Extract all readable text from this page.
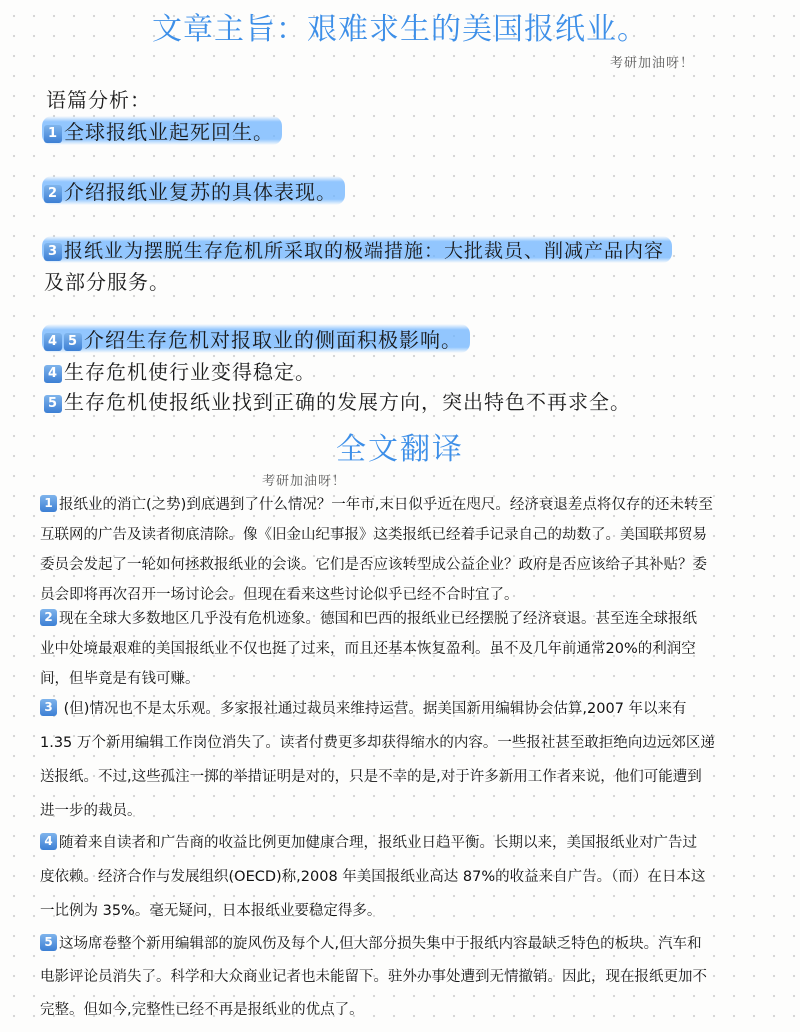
文章主旨：艰难求生的美国报纸业。
考研加油呀！
语篇分析：
1 全球报纸业起死回生。
2 介绍报纸业复苏的具体表现。
3 报纸业为摆脱生存危机所采取的极端措施：大批裁员、削减产品内容
及部分服务。
4 5 介绍生存危机对报取业的侧面积极影响。
4 生存危机使行业变得稳定。
5 生存危机使报纸业找到正确的发展方向，突出特色不再求全。
全文翻译
考研加油呀！
1 报纸业的消亡(之势)到底遇到了什么情况？一年市,末日似乎近在咫尺。经济衰退差点将仅存的还未转至
互联网的广告及读者彻底清除。像《旧金山纪事报》这类报纸已经着手记录自己的劫数了。美国联邦贸易
委员会发起了一轮如何拯救报纸业的会谈。它们是否应该转型成公益企业？政府是否应该给子其补贴？委
员会即将再次召开一场讨论会。但现在看来这些讨论似乎已经不合时宜了。
2 现在全球大多数地区几乎没有危机迹象。德国和巴西的报纸业已经摆脱了经济衰退。甚至连全球报纸
业中处境最艰难的美国报纸业不仅也挺了过来，而且还基本恢复盈利。虽不及几年前通常20%的利润空
间，但毕竟是有钱可赚。
3 (但)情况也不是太乐观。多家报社通过裁员来维持运营。据美国新用编辑协会估算,2007 年以来有
1.35 万个新用编辑工作岗位消失了。读者付费更多却获得缩水的内容。一些报社甚至敢拒绝向边远郊区递
送报纸。不过,这些孤注一掷的举措证明是对的，只是不幸的是,对于许多新用工作者来说，他们可能遭到
进一步的裁员。
4 随着来自读者和广告商的收益比例更加健康合理，报纸业日趋平衡。长期以来，美国报纸业对广告过
度依赖。经济合作与发展组织(OECD)称,2008 年美国报纸业高达 87%的收益来自广告。（而）在日本这
一比例为 35%。毫无疑问，日本报纸业要稳定得多。
5 这场席卷整个新用编辑部的旋风伤及每个人,但大部分损失集中于报纸内容最缺乏特色的板块。汽车和
电影评论员消失了。科学和大众商业记者也未能留下。驻外办事处遭到无情撤销。因此，现在报纸更加不
完整。但如今,完整性已经不再是报纸业的优点了。
